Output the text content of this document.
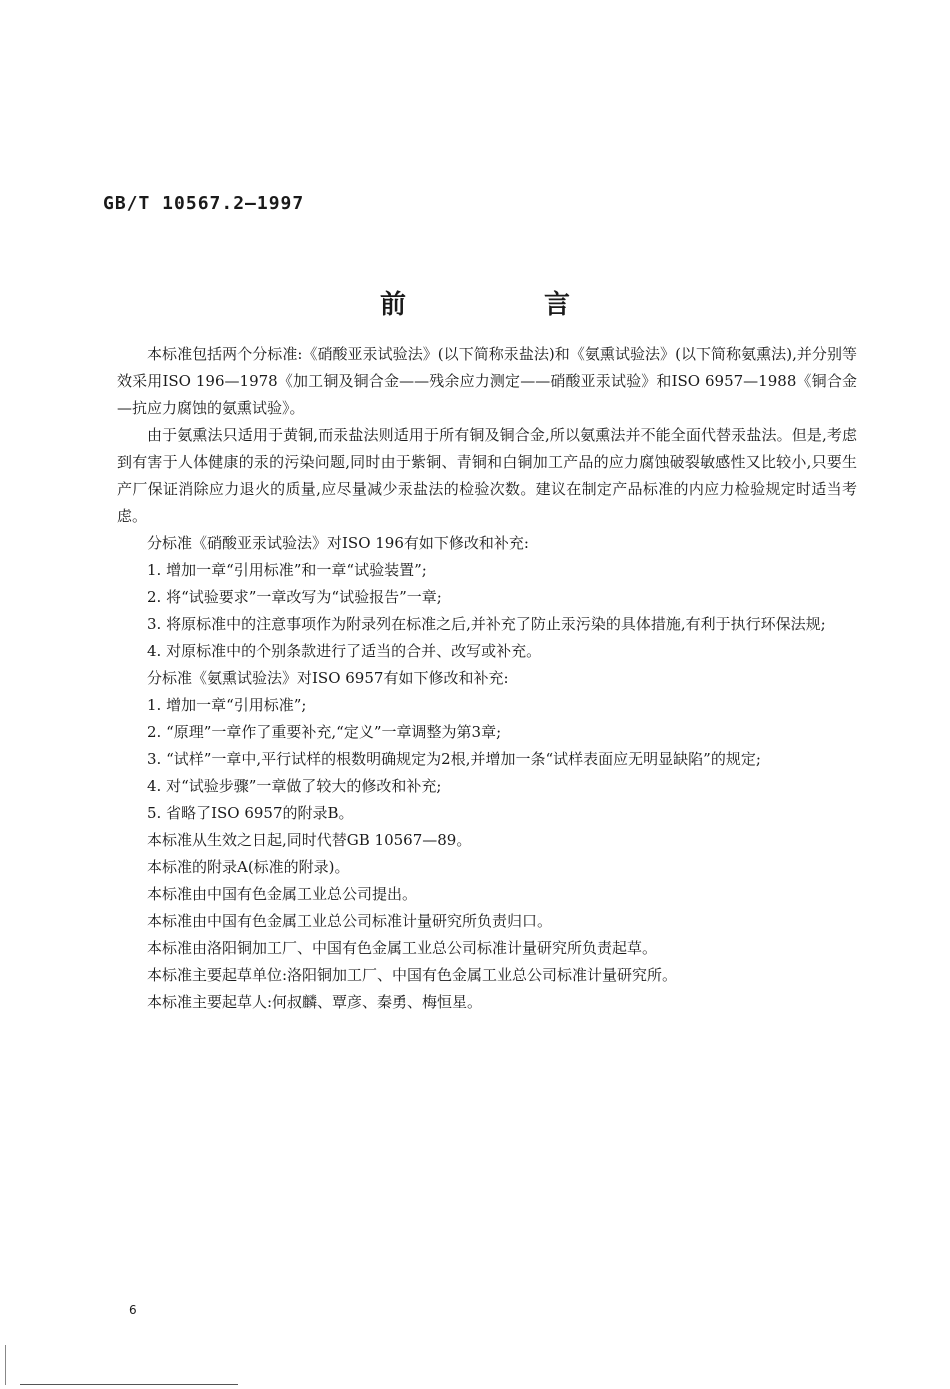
GB/T 10567.2—1997
前　言

本标准包括两个分标准:《硝酸亚汞试验法》(以下简称汞盐法)和《氨熏试验法》(以下简称氨熏法),并分别等效采用ISO 196—1978《加工铜及铜合金——残余应力测定——硝酸亚汞试验》和ISO 6957—1988《铜合金—抗应力腐蚀的氨熏试验》。

由于氨熏法只适用于黄铜,而汞盐法则适用于所有铜及铜合金,所以氨熏法并不能全面代替汞盐法。但是,考虑到有害于人体健康的汞的污染问题,同时由于紫铜、青铜和白铜加工产品的应力腐蚀破裂敏感性又比较小,只要生产厂保证消除应力退火的质量,应尽量减少汞盐法的检验次数。建议在制定产品标准的内应力检验规定时适当考虑。

分标准《硝酸亚汞试验法》对ISO 196有如下修改和补充:

1. 增加一章“引用标准”和一章“试验装置”;

2. 将“试验要求”一章改写为“试验报告”一章;

3. 将原标准中的注意事项作为附录列在标准之后,并补充了防止汞污染的具体措施,有利于执行环保法规;

4. 对原标准中的个别条款进行了适当的合并、改写或补充。

分标准《氨熏试验法》对ISO 6957有如下修改和补充:

1. 增加一章“引用标准”;

2. “原理”一章作了重要补充,“定义”一章调整为第3章;

3. “试样”一章中,平行试样的根数明确规定为2根,并增加一条“试样表面应无明显缺陷”的规定;

4. 对“试验步骤”一章做了较大的修改和补充;

5. 省略了ISO 6957的附录B。

本标准从生效之日起,同时代替GB 10567—89。

本标准的附录A(标准的附录)。

本标准由中国有色金属工业总公司提出。

本标准由中国有色金属工业总公司标准计量研究所负责归口。

本标准由洛阳铜加工厂、中国有色金属工业总公司标准计量研究所负责起草。

本标准主要起草单位:洛阳铜加工厂、中国有色金属工业总公司标准计量研究所。

本标准主要起草人:何叔麟、覃彦、秦勇、梅恒星。

6
